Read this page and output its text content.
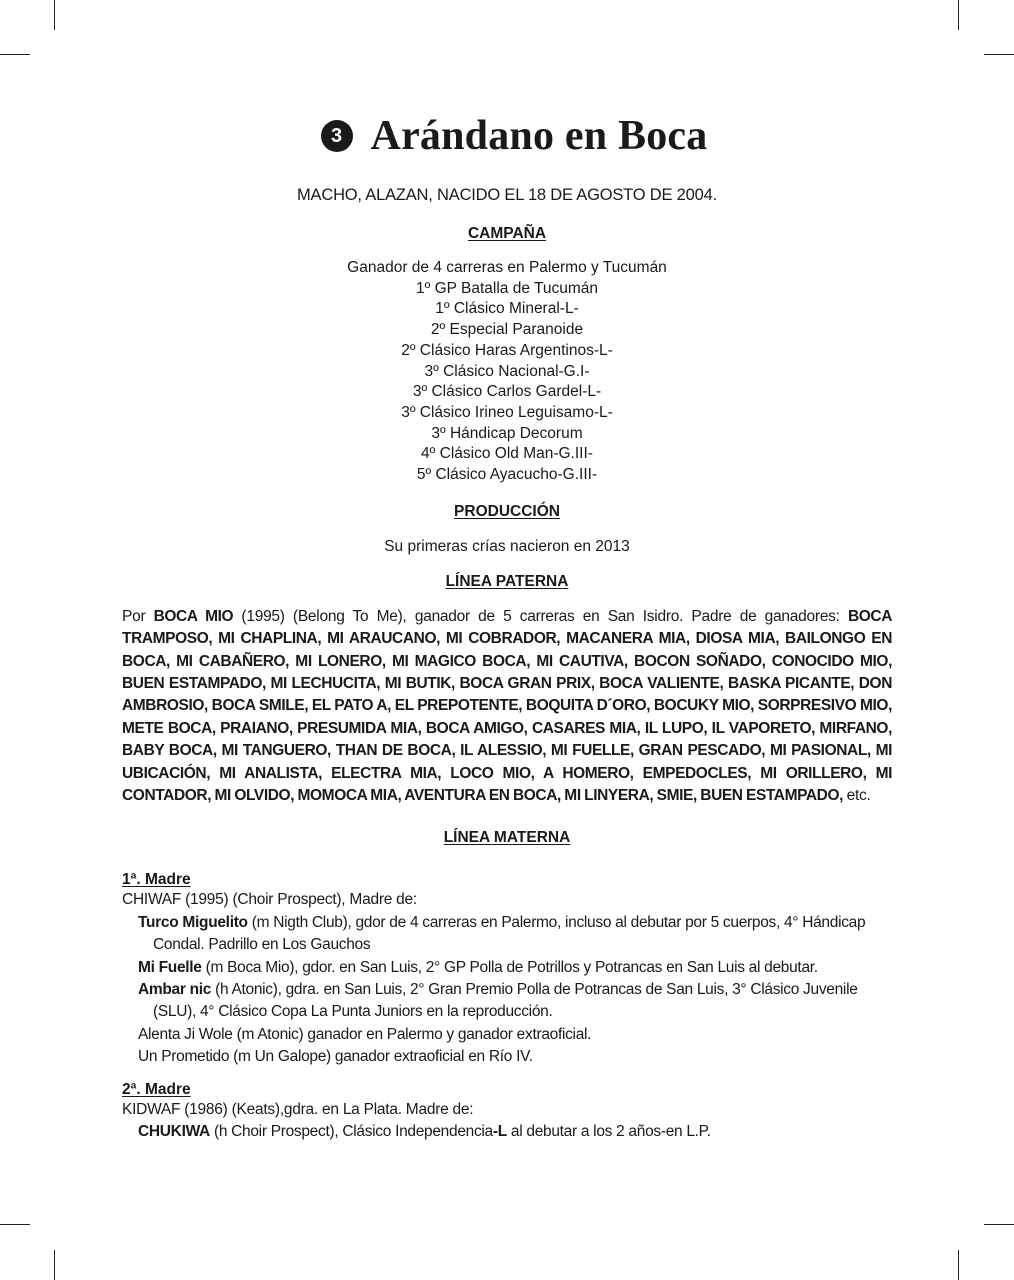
3 Arándano en Boca
MACHO, ALAZAN, NACIDO EL 18 DE AGOSTO DE 2004.
CAMPAÑA
Ganador de 4 carreras en Palermo y Tucumán
1º GP Batalla de Tucumán
1º Clásico Mineral-L-
2º Especial Paranoide
2º Clásico Haras Argentinos-L-
3º Clásico Nacional-G.I-
3º Clásico Carlos Gardel-L-
3º Clásico Irineo Leguisamo-L-
3º Hándicap Decorum
4º Clásico Old Man-G.III-
5º Clásico Ayacucho-G.III-
PRODUCCIÓN
Su primeras crías nacieron en 2013
LÍNEA PATERNA
Por BOCA MIO (1995) (Belong To Me), ganador de 5 carreras en San Isidro. Padre de ganadores: BOCA TRAMPOSO, MI CHAPLINA, MI ARAUCANO, MI COBRADOR, MACANERA MIA, DIOSA MIA, BAILONGO EN BOCA, MI CABAÑERO, MI LONERO, MI MAGICO BOCA, MI CAUTIVA, BOCON SOÑADO, CONOCIDO MIO, BUEN ESTAMPADO, MI LECHUCITA, MI BUTIK, BOCA GRAN PRIX, BOCA VALIENTE, BASKA PICANTE, DON AMBROSIO, BOCA SMILE, EL PATO A, EL PREPOTENTE, BOQUITA D´ORO, BOCUKY MIO, SORPRESIVO MIO, METE BOCA, PRAIANO, PRESUMIDA MIA, BOCA AMIGO, CASARES MIA, IL LUPO, IL VAPORETO, MIRFANO, BABY BOCA, MI TANGUERO, THAN DE BOCA, IL ALESSIO, MI FUELLE, GRAN PESCADO, MI PASIONAL, MI UBICACIÓN, MI ANALISTA, ELECTRA MIA, LOCO MIO, A HOMERO, EMPEDOCLES, MI ORILLERO, MI CONTADOR, MI OLVIDO, MOMOCA MIA, AVENTURA EN BOCA, MI LINYERA, SMIE, BUEN ESTAMPADO, etc.
LÍNEA MATERNA
1ª. Madre
CHIWAF (1995) (Choir Prospect), Madre de:
Turco Miguelito (m Nigth Club), gdor de 4 carreras en Palermo, incluso al debutar por 5 cuerpos, 4° Hándicap Condal. Padrillo en Los Gauchos
Mi Fuelle (m Boca Mio), gdor. en San Luis, 2° GP Polla de Potrillos y Potrancas en San Luis al debutar.
Ambar nic (h Atonic), gdra. en San Luis, 2° Gran Premio Polla de Potrancas de San Luis, 3° Clásico Juvenile (SLU), 4° Clásico Copa La Punta Juniors en la reproducción.
Alenta Ji Wole (m Atonic) ganador en Palermo y ganador extraoficial.
Un Prometido (m Un Galope) ganador extraoficial en Río IV.
2ª. Madre
KIDWAF (1986) (Keats),gdra. en La Plata. Madre de:
CHUKIWA (h Choir Prospect), Clásico Independencia-L al debutar a los 2 años-en L.P.
